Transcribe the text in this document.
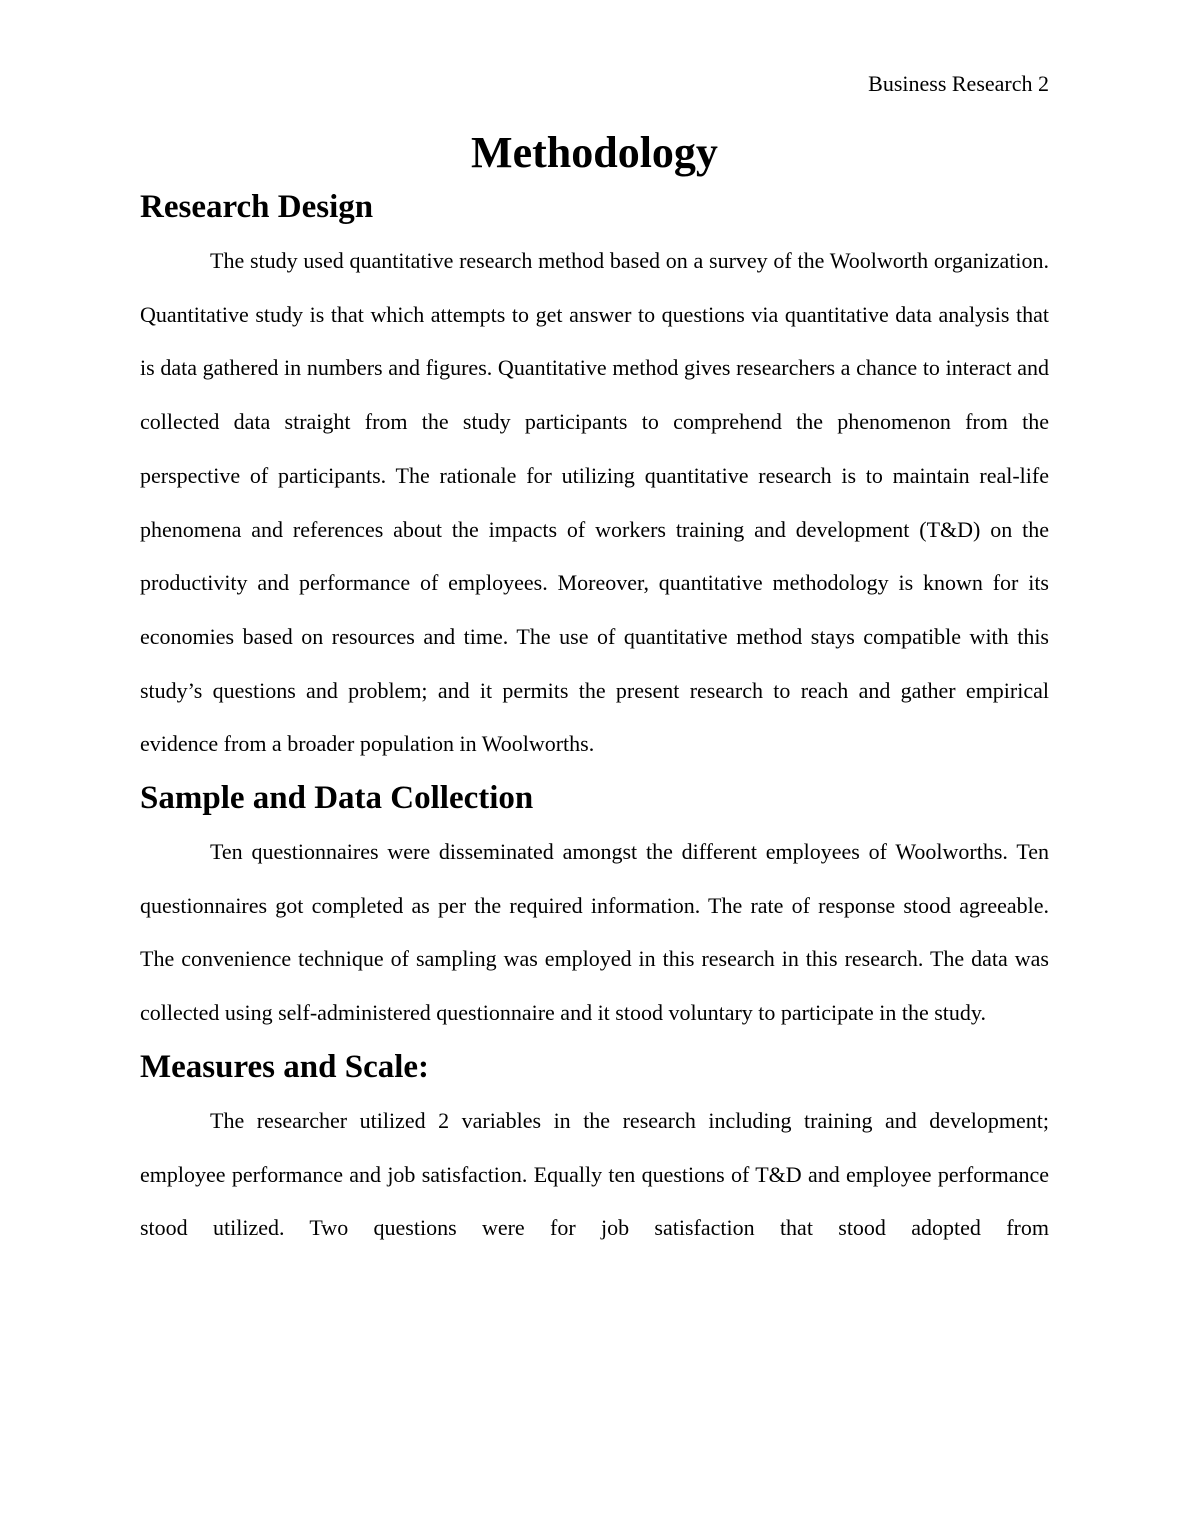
Business Research 2
Methodology
Research Design

The study used quantitative research method based on a survey of the Woolworth organization. Quantitative study is that which attempts to get answer to questions via quantitative data analysis that is data gathered in numbers and figures. Quantitative method gives researchers a chance to interact and collected data straight from the study participants to comprehend the phenomenon from the perspective of participants. The rationale for utilizing quantitative research is to maintain real-life phenomena and references about the impacts of workers training and development (T&D) on the productivity and performance of employees. Moreover, quantitative methodology is known for its economies based on resources and time. The use of quantitative method stays compatible with this study’s questions and problem; and it permits the present research to reach and gather empirical evidence from a broader population in Woolworths.

Sample and Data Collection

Ten questionnaires were disseminated amongst the different employees of Woolworths. Ten questionnaires got completed as per the required information. The rate of response stood agreeable. The convenience technique of sampling was employed in this research in this research. The data was collected using self-administered questionnaire and it stood voluntary to participate in the study.

Measures and Scale:

The researcher utilized 2 variables in the research including training and development; employee performance and job satisfaction. Equally ten questions of T&D and employee performance stood utilized. Two questions were for job satisfaction that stood adopted from
